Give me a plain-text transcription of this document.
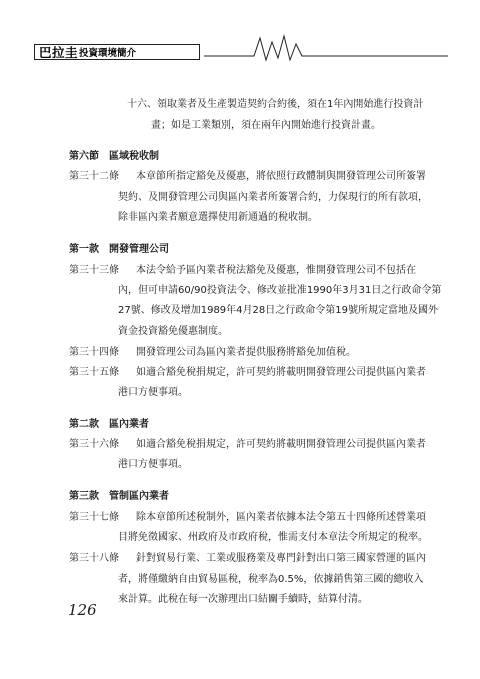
巴拉圭 投資環境簡介
十六、領取業者及生產製造契約合約後，須在1年內開始進行投資計
畫；如是工業類別，須在兩年內開始進行投資計畫。
第六節　區域稅收制
第三十二條 本章節所指定豁免及優惠，將依照行政體制與開發管理公司所簽署
契約、及開發管理公司與區內業者所簽署合約，力保現行的所有款項，
除非區內業者願意選擇使用新通過的稅收制。
第一款　開發管理公司
第三十三條 本法令給予區內業者稅法豁免及優惠，惟開發管理公司不包括在
內，但可申請60/90投資法令、修改並批准1990年3月31日之行政命令第
27號、修改及增加1989年4月28日之行政命令第19號所規定當地及國外
資金投資豁免優惠制度。
第三十四條 開發管理公司為區內業者提供服務將豁免加值稅。
第三十五條 如適合豁免稅捐規定，許可契約將載明開發管理公司提供區內業者
港口方便事項。
第二款　區內業者
第三十六條 如適合豁免稅捐規定，許可契約將載明開發管理公司提供區內業者
港口方便事項。
第三款　管制區內業者
第三十七條 除本章節所述稅制外，區內業者依據本法令第五十四條所述營業項
目將免徵國家、州政府及市政府稅，惟需支付本章法令所規定的稅率。
第三十八條 針對貿易行業、工業或服務業及專門針對出口第三國家營運的區內
者，將僅繳納自由貿易區稅，稅率為0.5%，依據銷售第三國的總收入
來計算。此稅在每一次辦理出口結關手續時，結算付清。
126
